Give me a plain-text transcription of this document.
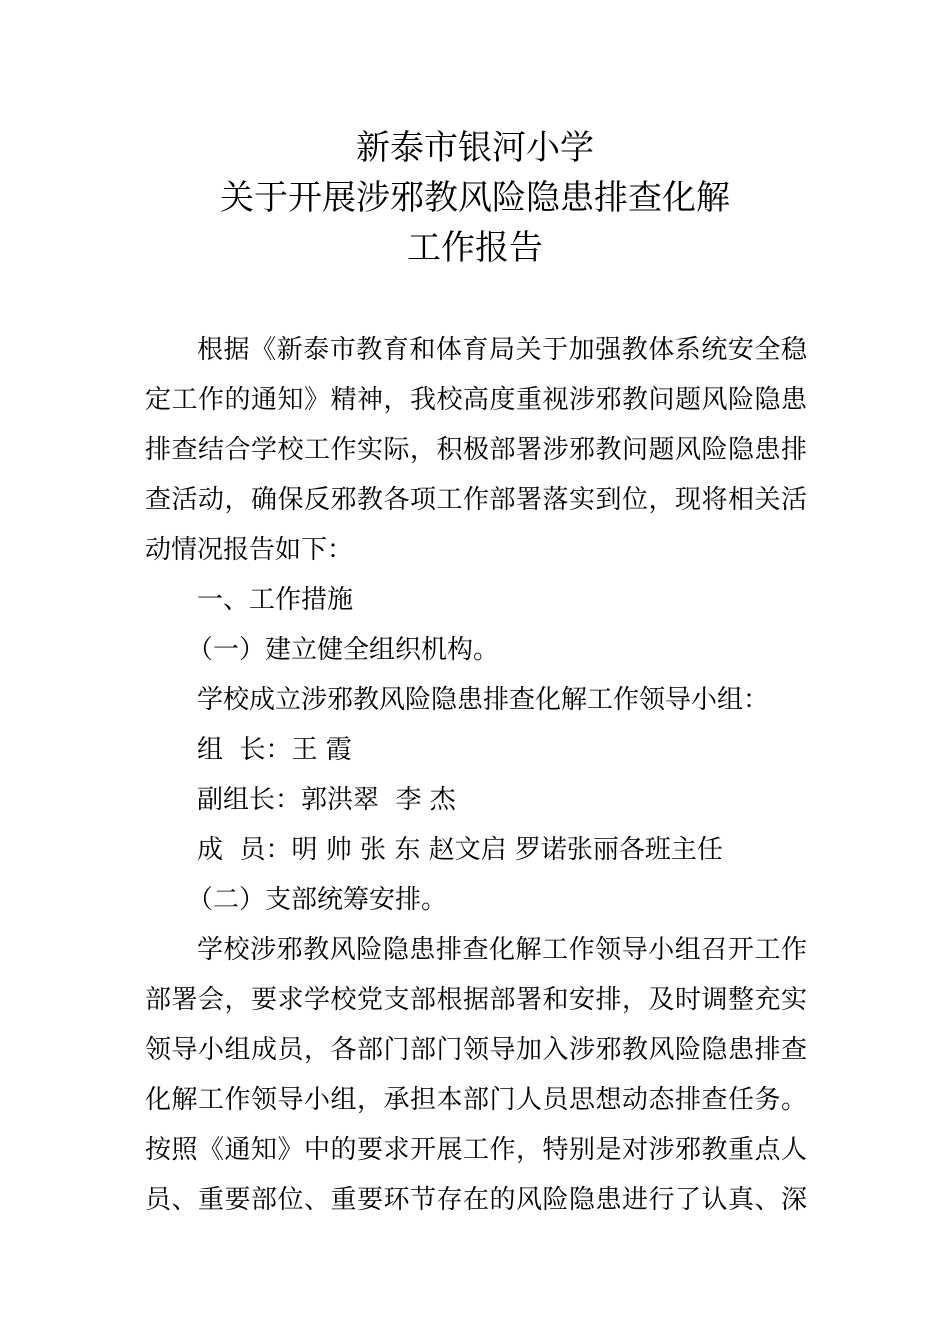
新泰市银河小学
关于开展涉邪教风险隐患排查化解
工作报告
根据《新泰市教育和体育局关于加强教体系统安全稳
定工作的通知》精神，我校高度重视涉邪教问题风险隐患
排查结合学校工作实际，积极部署涉邪教问题风险隐患排
查活动，确保反邪教各项工作部署落实到位，现将相关活
动情况报告如下：
一、工作措施
（一）建立健全组织机构。
学校成立涉邪教风险隐患排查化解工作领导小组：
组  长：王 霞
副组长：郭洪翠  李 杰
成  员：明 帅 张 东 赵文启 罗诺张丽各班主任
（二）支部统筹安排。
学校涉邪教风险隐患排查化解工作领导小组召开工作
部署会，要求学校党支部根据部署和安排，及时调整充实
领导小组成员，各部门部门领导加入涉邪教风险隐患排查
化解工作领导小组，承担本部门人员思想动态排查任务。
按照《通知》中的要求开展工作，特别是对涉邪教重点人
员、重要部位、重要环节存在的风险隐患进行了认真、深
